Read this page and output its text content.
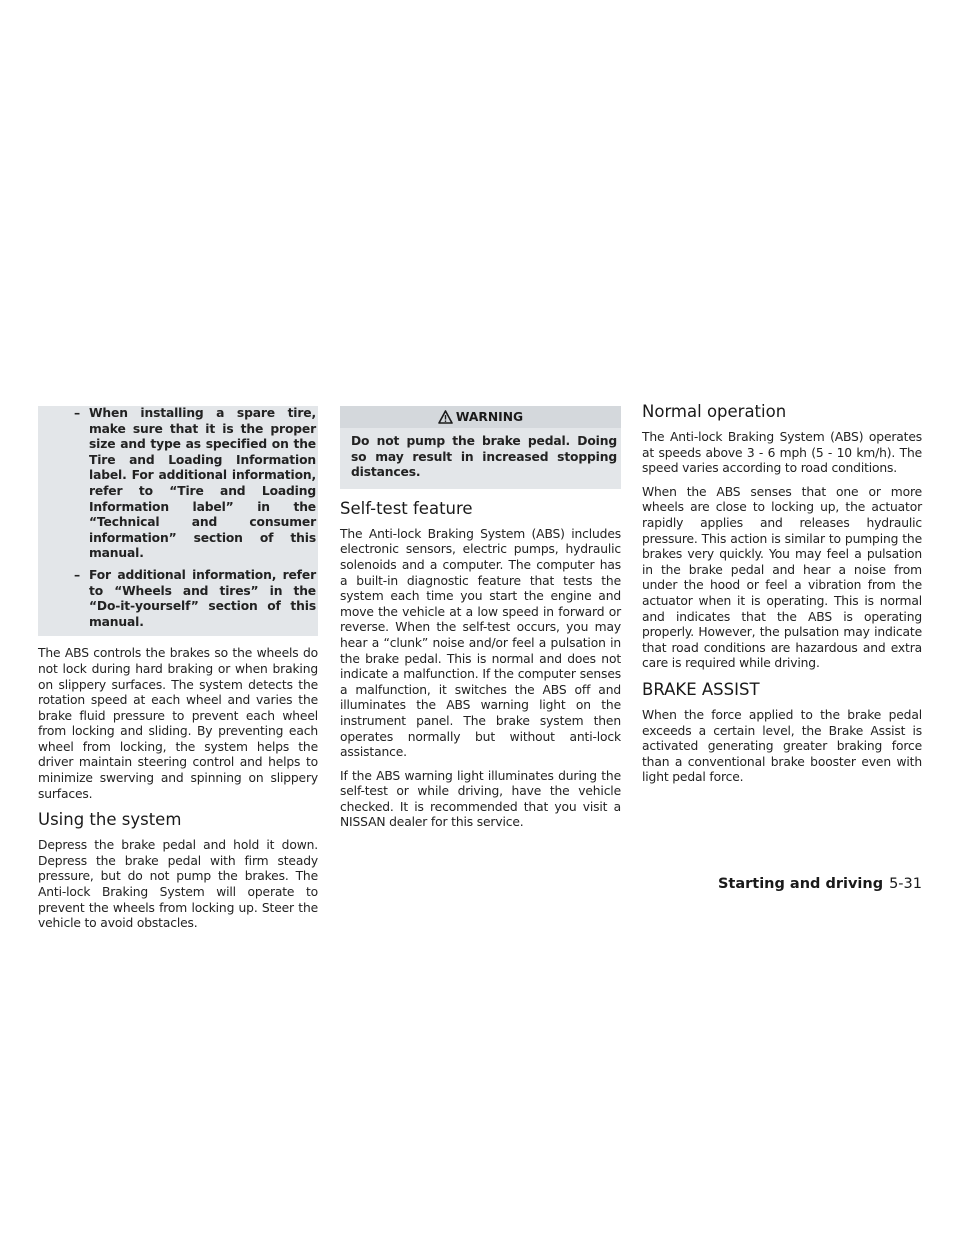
– When installing a spare tire, make sure that it is the proper size and type as specified on the Tire and Loading Information label. For additional information, refer to “Tire and Loading Information label” in the “Technical and consumer information” section of this manual.
– For additional information, refer to “Wheels and tires” in the “Do-it-yourself” section of this manual.

The ABS controls the brakes so the wheels do not lock during hard braking or when braking on slippery surfaces. The system detects the rotation speed at each wheel and varies the brake fluid pressure to prevent each wheel from locking and sliding. By preventing each wheel from locking, the system helps the driver maintain steering control and helps to minimize swerving and spinning on slippery surfaces.

Using the system

Depress the brake pedal and hold it down. Depress the brake pedal with firm steady pressure, but do not pump the brakes. The Anti-lock Braking System will operate to prevent the wheels from locking up. Steer the vehicle to avoid obstacles.

WARNING
Do not pump the brake pedal. Doing so may result in increased stopping distances.
Self-test feature

The Anti-lock Braking System (ABS) includes electronic sensors, electric pumps, hydraulic solenoids and a computer. The computer has a built-in diagnostic feature that tests the system each time you start the engine and move the vehicle at a low speed in forward or reverse. When the self-test occurs, you may hear a “clunk” noise and/or feel a pulsation in the brake pedal. This is normal and does not indicate a malfunction. If the computer senses a malfunction, it switches the ABS off and illuminates the ABS warning light on the instrument panel. The brake system then operates normally but without anti-lock assistance.

If the ABS warning light illuminates during the self-test or while driving, have the vehicle checked. It is recommended that you visit a NISSAN dealer for this service.

Normal operation

The Anti-lock Braking System (ABS) operates at speeds above 3 - 6 mph (5 - 10 km/h). The speed varies according to road conditions.

When the ABS senses that one or more wheels are close to locking up, the actuator rapidly applies and releases hydraulic pressure. This action is similar to pumping the brakes very quickly. You may feel a pulsation in the brake pedal and hear a noise from under the hood or feel a vibration from the actuator when it is operating. This is normal and indicates that the ABS is operating properly. However, the pulsation may indicate that road conditions are hazardous and extra care is required while driving.

BRAKE ASSIST

When the force applied to the brake pedal exceeds a certain level, the Brake Assist is activated generating greater braking force than a conventional brake booster even with light pedal force.

Starting and driving 5-31
